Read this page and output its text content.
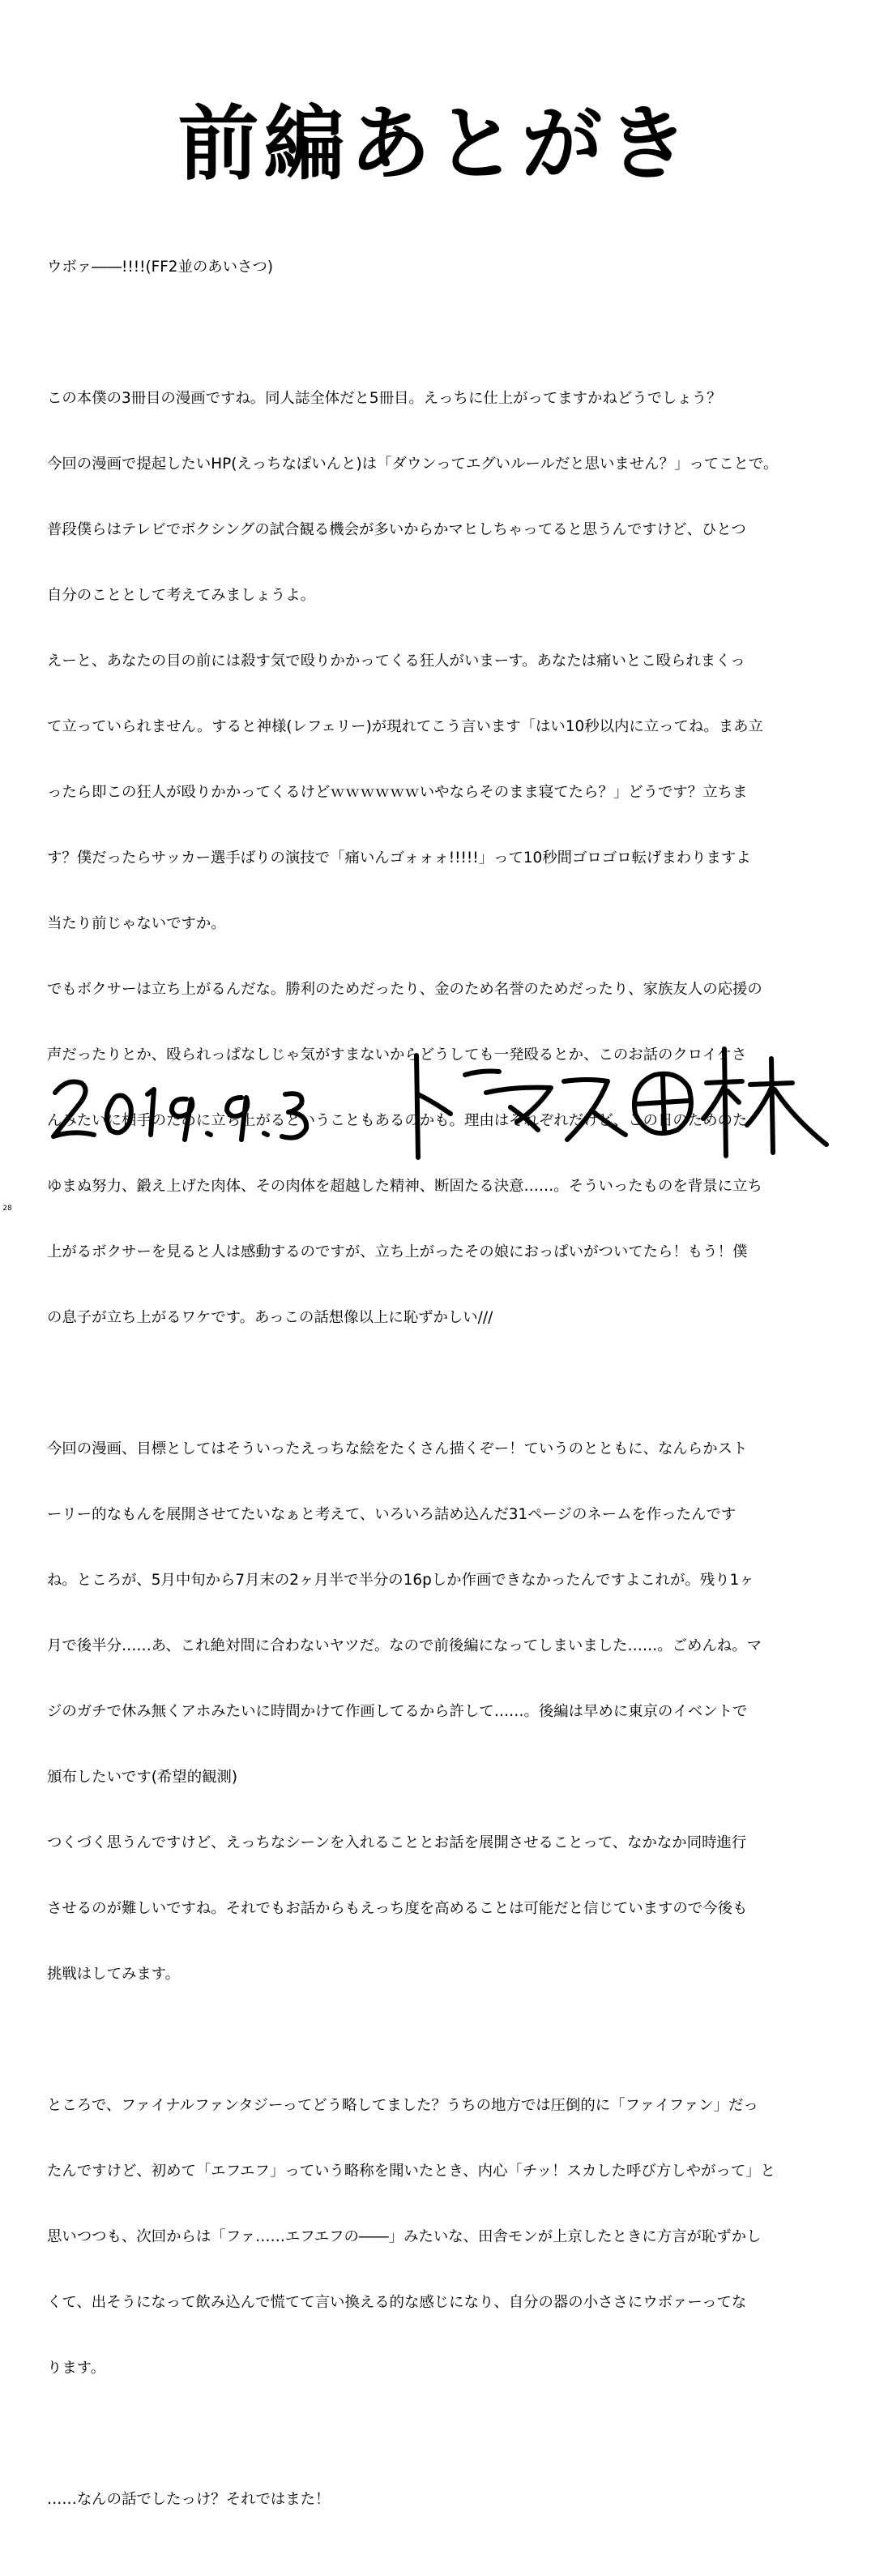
前編あとがき

ウボァ――!!!!(FF2並のあいさつ)

この本僕の3冊目の漫画ですね。同人誌全体だと5冊目。えっちに仕上がってますかねどうでしょう？

今回の漫画で提起したいHP(えっちなぽいんと)は「ダウンってエグいルールだと思いません？」ってことで。

普段僕らはテレビでボクシングの試合観る機会が多いからかマヒしちゃってると思うんですけど、ひとつ

自分のこととして考えてみましょうよ。

えーと、あなたの目の前には殺す気で殴りかかってくる狂人がいまーす。あなたは痛いとこ殴られまくっ

て立っていられません。すると神様(レフェリー)が現れてこう言います「はい10秒以内に立ってね。まあ立

ったら即この狂人が殴りかかってくるけどｗｗｗｗｗｗいやならそのまま寝てたら？」どうです？立ちま

す？僕だったらサッカー選手ばりの演技で「痛いんゴォォォ!!!!!」って10秒間ゴロゴロ転げまわりますよ

当たり前じゃないですか。

でもボクサーは立ち上がるんだな。勝利のためだったり、金のため名誉のためだったり、家族友人の応援の

声だったりとか、殴られっぱなしじゃ気がすまないからどうしても一発殴るとか、このお話のクロイケさ

んみたいに相手のために立ち上がるということもあるのかも。理由はそれぞれだけど、この日のためのた

ゆまぬ努力、鍛え上げた肉体、その肉体を超越した精神、断固たる決意……。そういったものを背景に立ち

上がるボクサーを見ると人は感動するのですが、立ち上がったその娘におっぱいがついてたら！もう！僕

の息子が立ち上がるワケです。あっこの話想像以上に恥ずかしい///

今回の漫画、目標としてはそういったえっちな絵をたくさん描くぞー！ていうのとともに、なんらかスト

ーリー的なもんを展開させてたいなぁと考えて、いろいろ詰め込んだ31ページのネームを作ったんです

ね。ところが、5月中旬から7月末の2ヶ月半で半分の16pしか作画できなかったんですよこれが。残り1ヶ

月で後半分……あ、これ絶対間に合わないヤツだ。なので前後編になってしまいました……。ごめんね。マ

ジのガチで休み無くアホみたいに時間かけて作画してるから許して……。後編は早めに東京のイベントで

頒布したいです(希望的観測)

つくづく思うんですけど、えっちなシーンを入れることとお話を展開させることって、なかなか同時進行

させるのが難しいですね。それでもお話からもえっち度を高めることは可能だと信じていますので今後も

挑戦はしてみます。

ところで、ファイナルファンタジーってどう略してました？うちの地方では圧倒的に「ファイファン」だっ

たんですけど、初めて「エフエフ」っていう略称を聞いたとき、内心「チッ！スカした呼び方しやがって」と

思いつつも、次回からは「ファ……エフエフの――」みたいな、田舎モンが上京したときに方言が恥ずかし

くて、出そうになって飲み込んで慌てて言い換える的な感じになり、自分の器の小ささにウボァーってな

ります。

……なんの話でしたっけ？それではまた！

28
